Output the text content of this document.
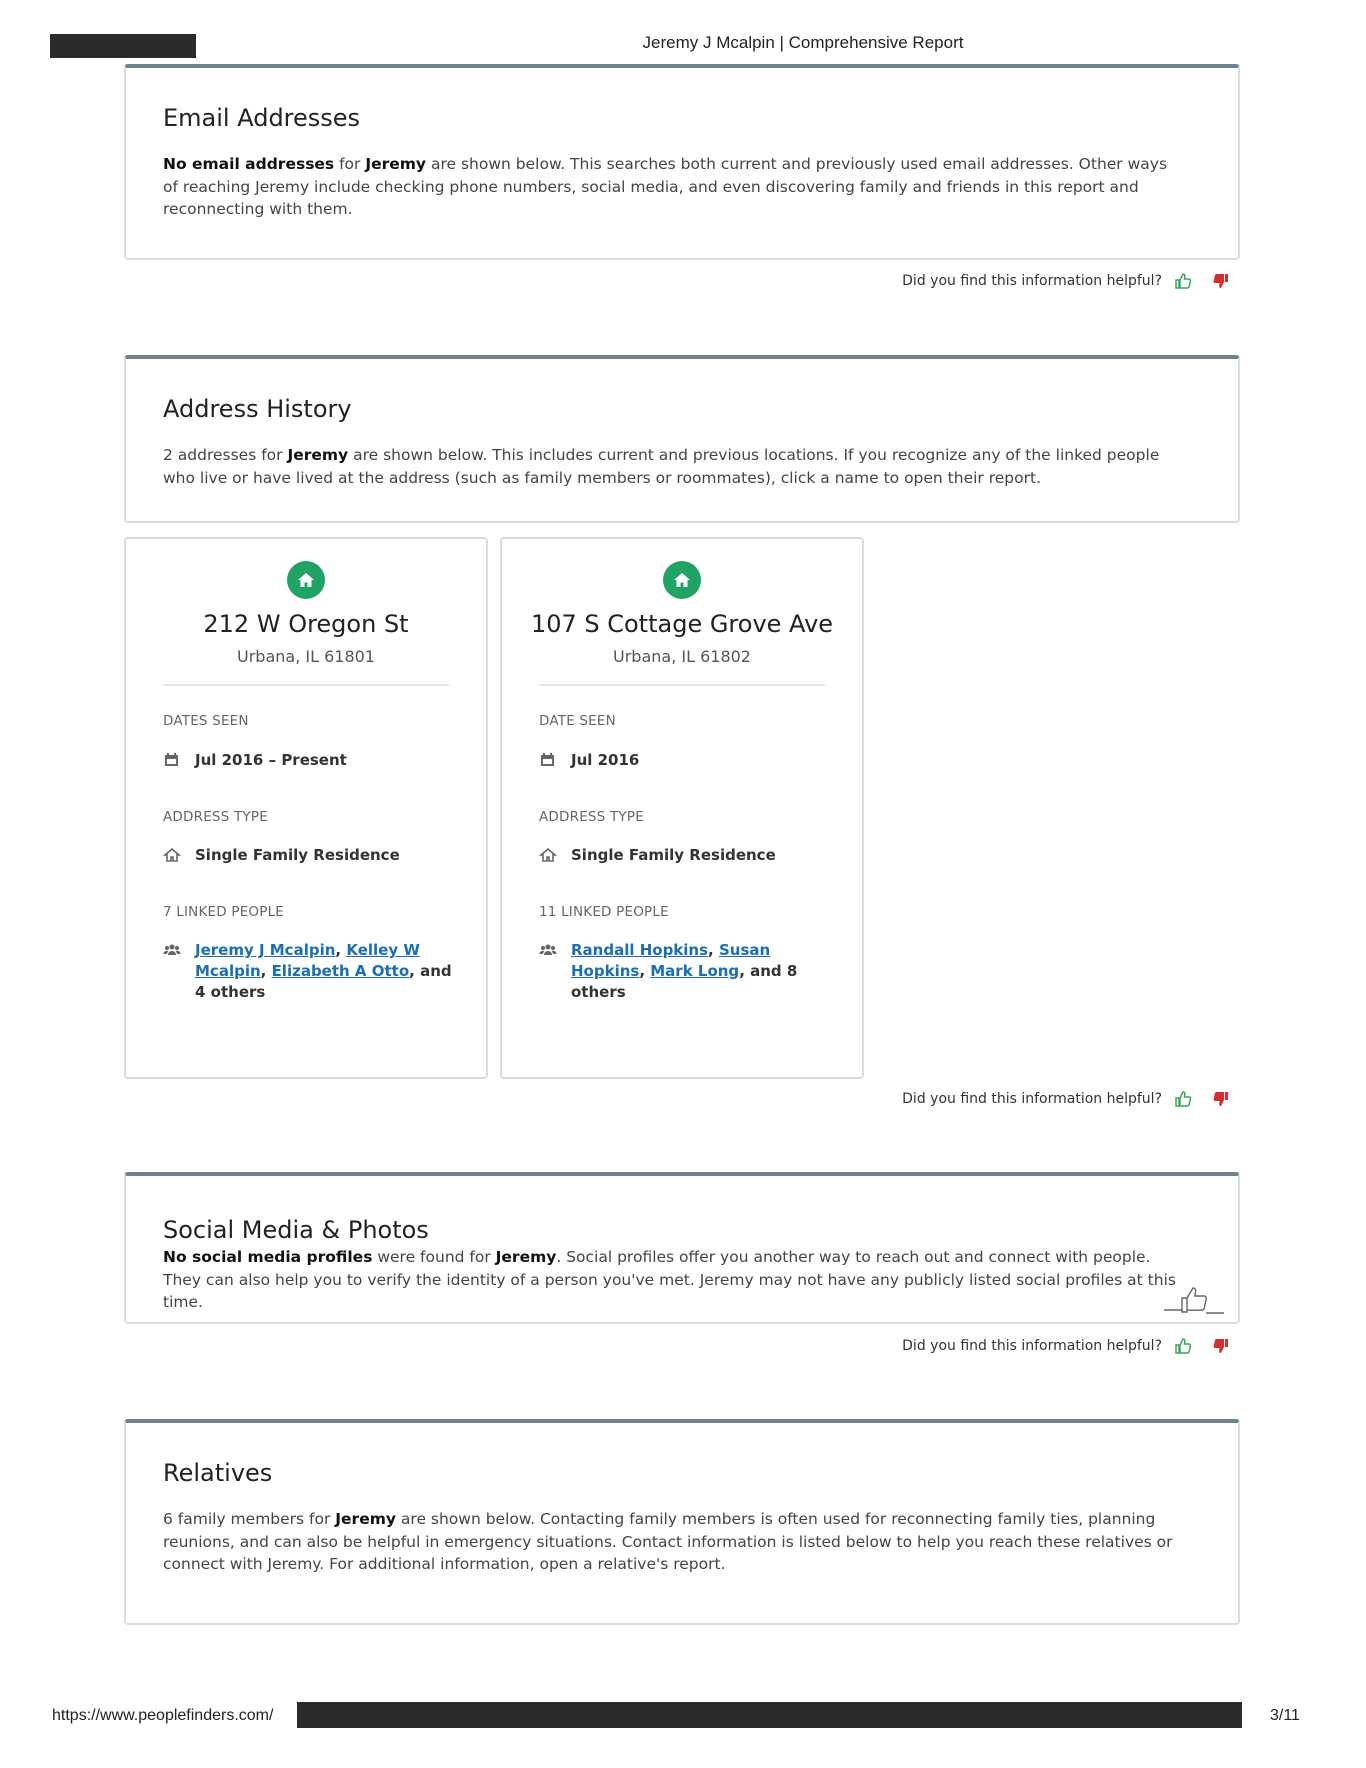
Jeremy J Mcalpin | Comprehensive Report
Email Addresses

No email addresses for Jeremy are shown below. This searches both current and previously used email addresses. Other ways of reaching Jeremy include checking phone numbers, social media, and even discovering family and friends in this report and reconnecting with them.

Did you find this information helpful?
Address History

2 addresses for Jeremy are shown below. This includes current and previous locations. If you recognize any of the linked people who live or have lived at the address (such as family members or roommates), click a name to open their report.

212 W Oregon St
Urbana, IL 61801
DATES SEEN
Jul 2016 – Present
ADDRESS TYPE
Single Family Residence
7 LINKED PEOPLE
Jeremy J Mcalpin, Kelley W Mcalpin, Elizabeth A Otto, and 4 others
107 S Cottage Grove Ave
Urbana, IL 61802
DATE SEEN
Jul 2016
ADDRESS TYPE
Single Family Residence
11 LINKED PEOPLE
Randall Hopkins, Susan Hopkins, Mark Long, and 8 others
Did you find this information helpful?
Social Media & Photos

No social media profiles were found for Jeremy. Social profiles offer you another way to reach out and connect with people. They can also help you to verify the identity of a person you've met. Jeremy may not have any publicly listed social profiles at this time.

Did you find this information helpful?
Relatives

6 family members for Jeremy are shown below. Contacting family members is often used for reconnecting family ties, planning reunions, and can also be helpful in emergency situations. Contact information is listed below to help you reach these relatives or connect with Jeremy. For additional information, open a relative's report.

https://www.peoplefinders.com/	3/11
